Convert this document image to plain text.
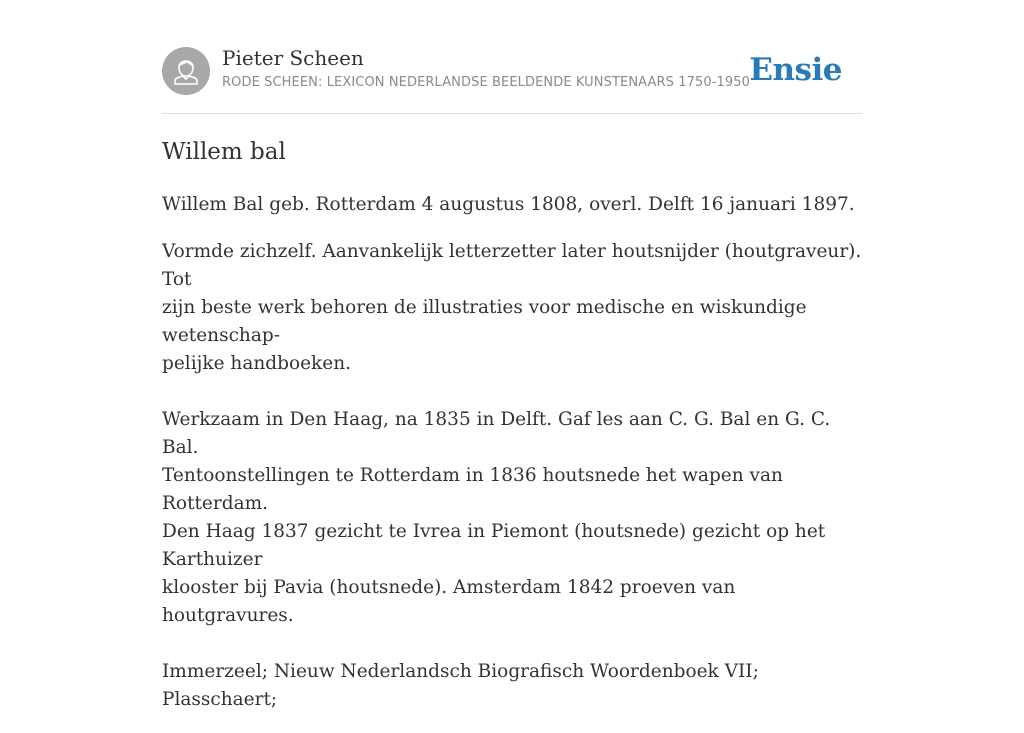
Pieter Scheen
RODE SCHEEN: LEXICON NEDERLANDSE BEELDENDE KUNSTENAARS 1750-1950 Ensie
Willem bal

Willem Bal geb. Rotterdam 4 augustus 1808, overl. Delft 16 januari 1897.

Vormde zichzelf. Aanvankelijk letterzetter later houtsnijder (houtgraveur). Tot
zijn beste werk behoren de illustraties voor medische en wiskundige wetenschap-
pelijke handboeken.

Werkzaam in Den Haag, na 1835 in Delft. Gaf les aan C. G. Bal en G. C. Bal.
Tentoonstellingen te Rotterdam in 1836 houtsnede het wapen van Rotterdam.
Den Haag 1837 gezicht te Ivrea in Piemont (houtsnede) gezicht op het Karthuizer
klooster bij Pavia (houtsnede). Amsterdam 1842 proeven van houtgravures.

Immerzeel; Nieuw Nederlandsch Biografisch Woordenboek VII; Plasschaert;
